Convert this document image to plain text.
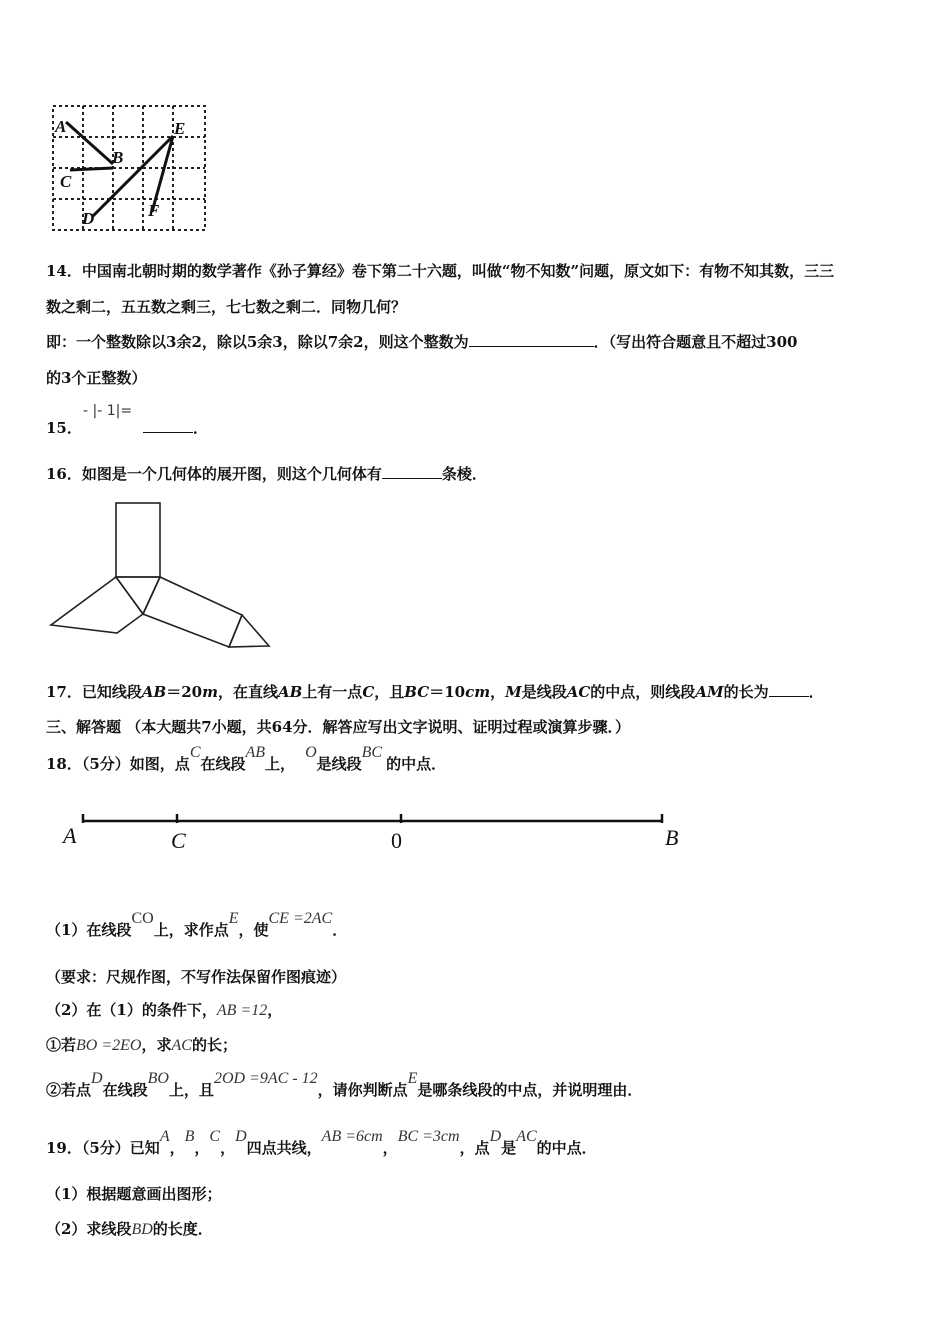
A
B
C
D
E
F
14．中国南北朝时期的数学著作《孙子算经》卷下第二十六题，叫做“物不知数”问题，原文如下：有物不知其数，三三
数之剩二，五五数之剩三，七七数之剩二．同物几何？
即：一个整数除以3余2，除以5余3，除以7余2，则这个整数为	．（写出符合题意且不超过300
的3个正整数）
15．
- |- 1|=
．
16．如图是一个几何体的展开图，则这个几何体有	条棱．
17．已知线段AB＝20m，在直线AB上有一点C，且BC＝10cm，M是线段AC的中点，则线段AM的长为	．
三、解答题 （本大题共7小题，共64分．解答应写出文字说明、证明过程或演算步骤．）
18．（5分）如图，点C在线段AB上，O是线段BC的中点．
A	C	0	B
（1）在线段CO上，求作点E，使CE =2AC．
（要求：尺规作图，不写作法保留作图痕迹）
（2）在（1）的条件下，AB =12，
①若BO =2EO，求AC的长；
②若点D在线段BO上，且2OD =9AC - 12，请你判断点E是哪条线段的中点，并说明理由．
19．（5分）已知A，B，C，D四点共线，AB =6cm，BC =3cm，点D是AC的中点．
（1）根据题意画出图形；
（2）求线段BD的长度．
